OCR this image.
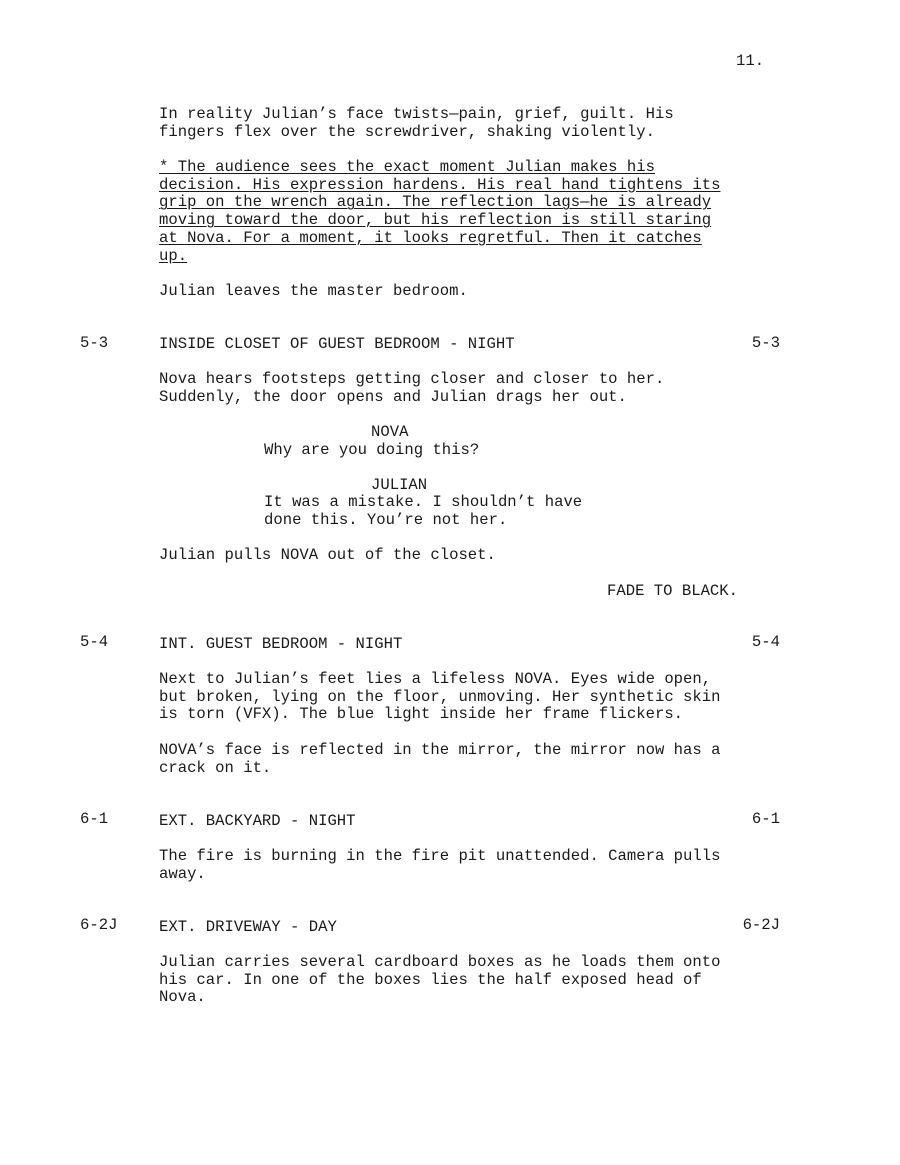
11.
In reality Julian’s face twists—pain, grief, guilt. His
fingers flex over the screwdriver, shaking violently.
* The audience sees the exact moment Julian makes his
decision. His expression hardens. His real hand tightens its
grip on the wrench again. The reflection lags—he is already
moving toward the door, but his reflection is still staring
at Nova. For a moment, it looks regretful. Then it catches
up.
Julian leaves the master bedroom.
5-3	INSIDE CLOSET OF GUEST BEDROOM - NIGHT	5-3
Nova hears footsteps getting closer and closer to her.
Suddenly, the door opens and Julian drags her out.
NOVA
Why are you doing this?
JULIAN
It was a mistake. I shouldn’t have
done this. You’re not her.
Julian pulls NOVA out of the closet.
FADE TO BLACK.
5-4	INT. GUEST BEDROOM - NIGHT	5-4
Next to Julian’s feet lies a lifeless NOVA. Eyes wide open,
but broken, lying on the floor, unmoving. Her synthetic skin
is torn (VFX). The blue light inside her frame flickers.
NOVA’s face is reflected in the mirror, the mirror now has a
crack on it.
6-1	EXT. BACKYARD - NIGHT	6-1
The fire is burning in the fire pit unattended. Camera pulls
away.
6-2J	EXT. DRIVEWAY - DAY	6-2J
Julian carries several cardboard boxes as he loads them onto
his car. In one of the boxes lies the half exposed head of
Nova.
